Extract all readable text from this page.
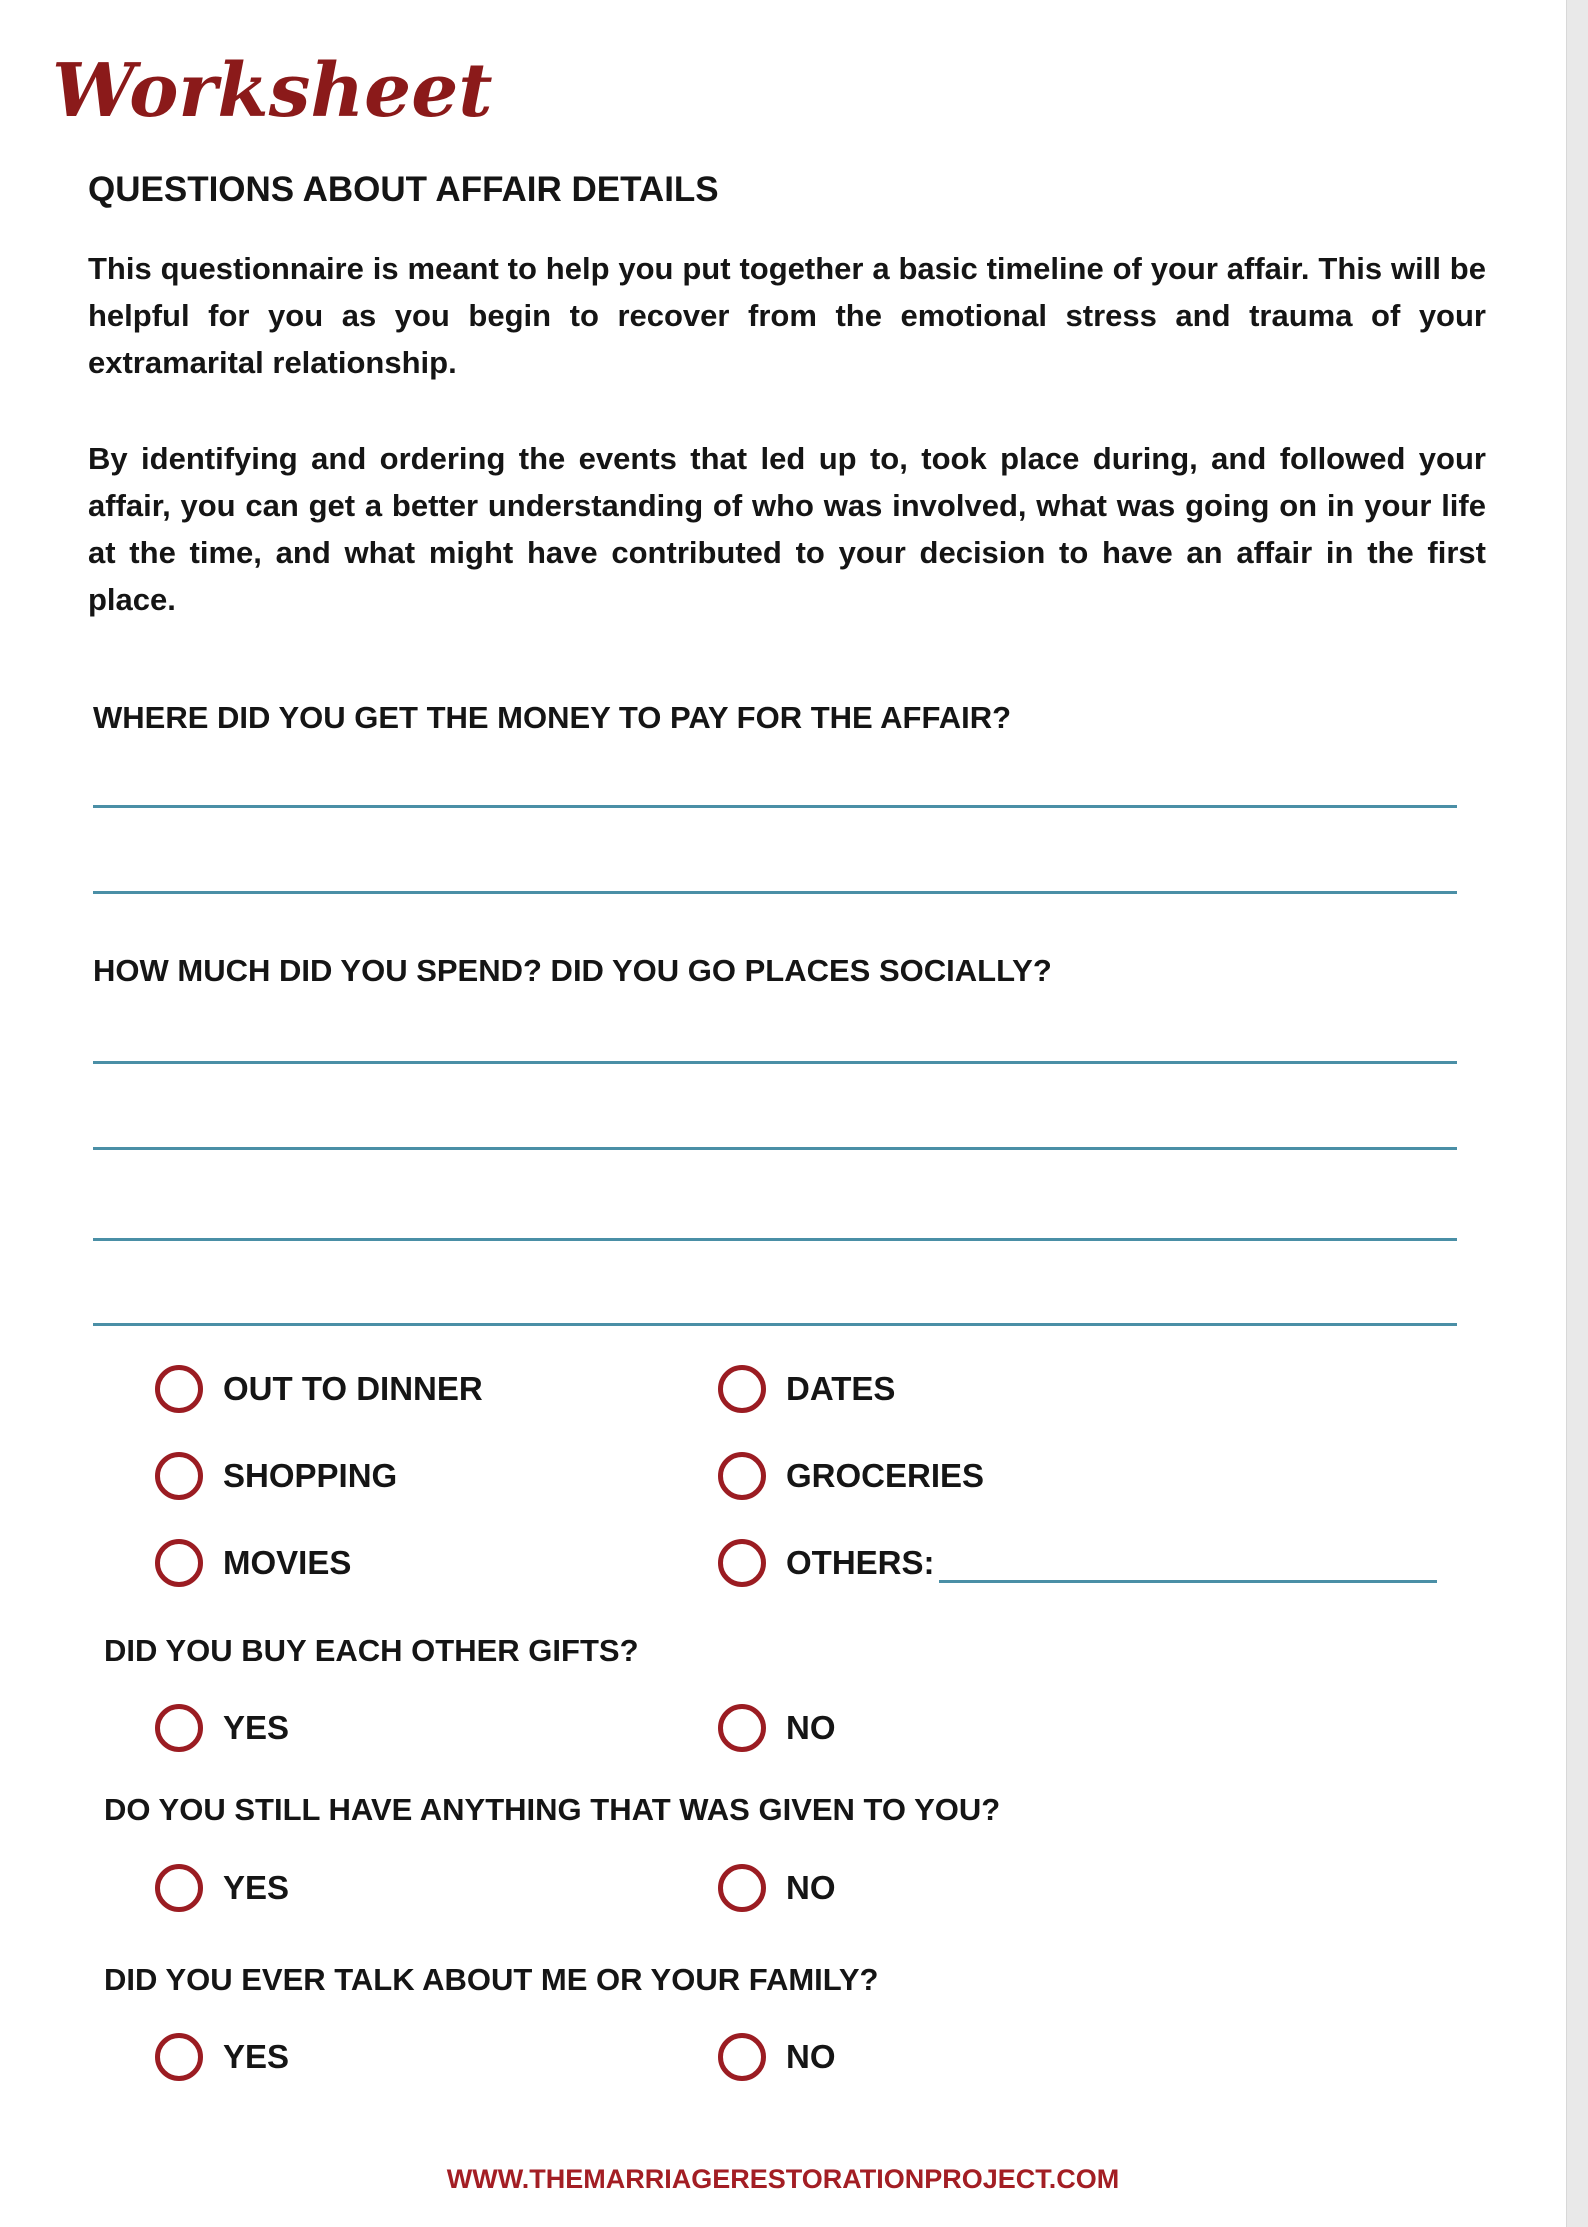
Worksheet
QUESTIONS ABOUT AFFAIR DETAILS
This questionnaire is meant to help you put together a basic timeline of your affair. This will be helpful for you as you begin to recover from the emotional stress and trauma of your extramarital relationship.
By identifying and ordering the events that led up to, took place during, and followed your affair, you can get a better understanding of who was involved, what was going on in your life at the time, and what might have contributed to your decision to have an affair in the first place.
WHERE DID YOU GET THE MONEY TO PAY FOR THE AFFAIR?
HOW MUCH DID YOU SPEND? DID YOU GO PLACES SOCIALLY?
OUT TO DINNER	DATES
SHOPPING	GROCERIES
MOVIES	OTHERS:
DID YOU BUY EACH OTHER GIFTS?
YES	NO
DO YOU STILL HAVE ANYTHING THAT WAS GIVEN TO YOU?
YES	NO
DID YOU EVER TALK ABOUT ME OR YOUR FAMILY?
YES	NO
WWW.THEMARRIAGERESTORATIONPROJECT.COM
